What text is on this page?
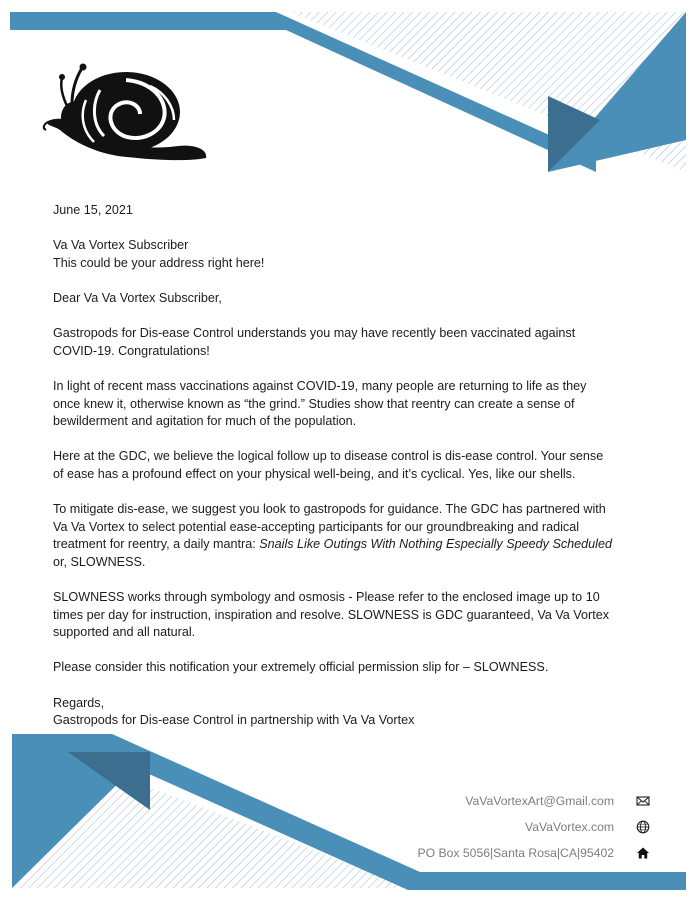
June 15, 2021

Va Va Vortex Subscriber
This could be your address right here!

Dear Va Va Vortex Subscriber,

Gastropods for Dis-ease Control understands you may have recently been vaccinated against
COVID-19. Congratulations!

In light of recent mass vaccinations against COVID-19, many people are returning to life as they
once knew it, otherwise known as “the grind.” Studies show that reentry can create a sense of
bewilderment and agitation for much of the population.

Here at the GDC, we believe the logical follow up to disease control is dis-ease control. Your sense
of ease has a profound effect on your physical well-being, and it’s cyclical. Yes, like our shells.

To mitigate dis-ease, we suggest you look to gastropods for guidance. The GDC has partnered with
Va Va Vortex to select potential ease-accepting participants for our groundbreaking and radical
treatment for reentry, a daily mantra: Snails Like Outings With Nothing Especially Speedy Scheduled
or, SLOWNESS.

SLOWNESS works through symbology and osmosis - Please refer to the enclosed image up to 10
times per day for instruction, inspiration and resolve. SLOWNESS is GDC guaranteed, Va Va Vortex
supported and all natural.

Please consider this notification your extremely official permission slip for – SLOWNESS.

Regards,
Gastropods for Dis-ease Control in partnership with Va Va Vortex

VaVaVortexArt@Gmail.com
VaVaVortex.com
PO Box 5056|Santa Rosa|CA|95402
